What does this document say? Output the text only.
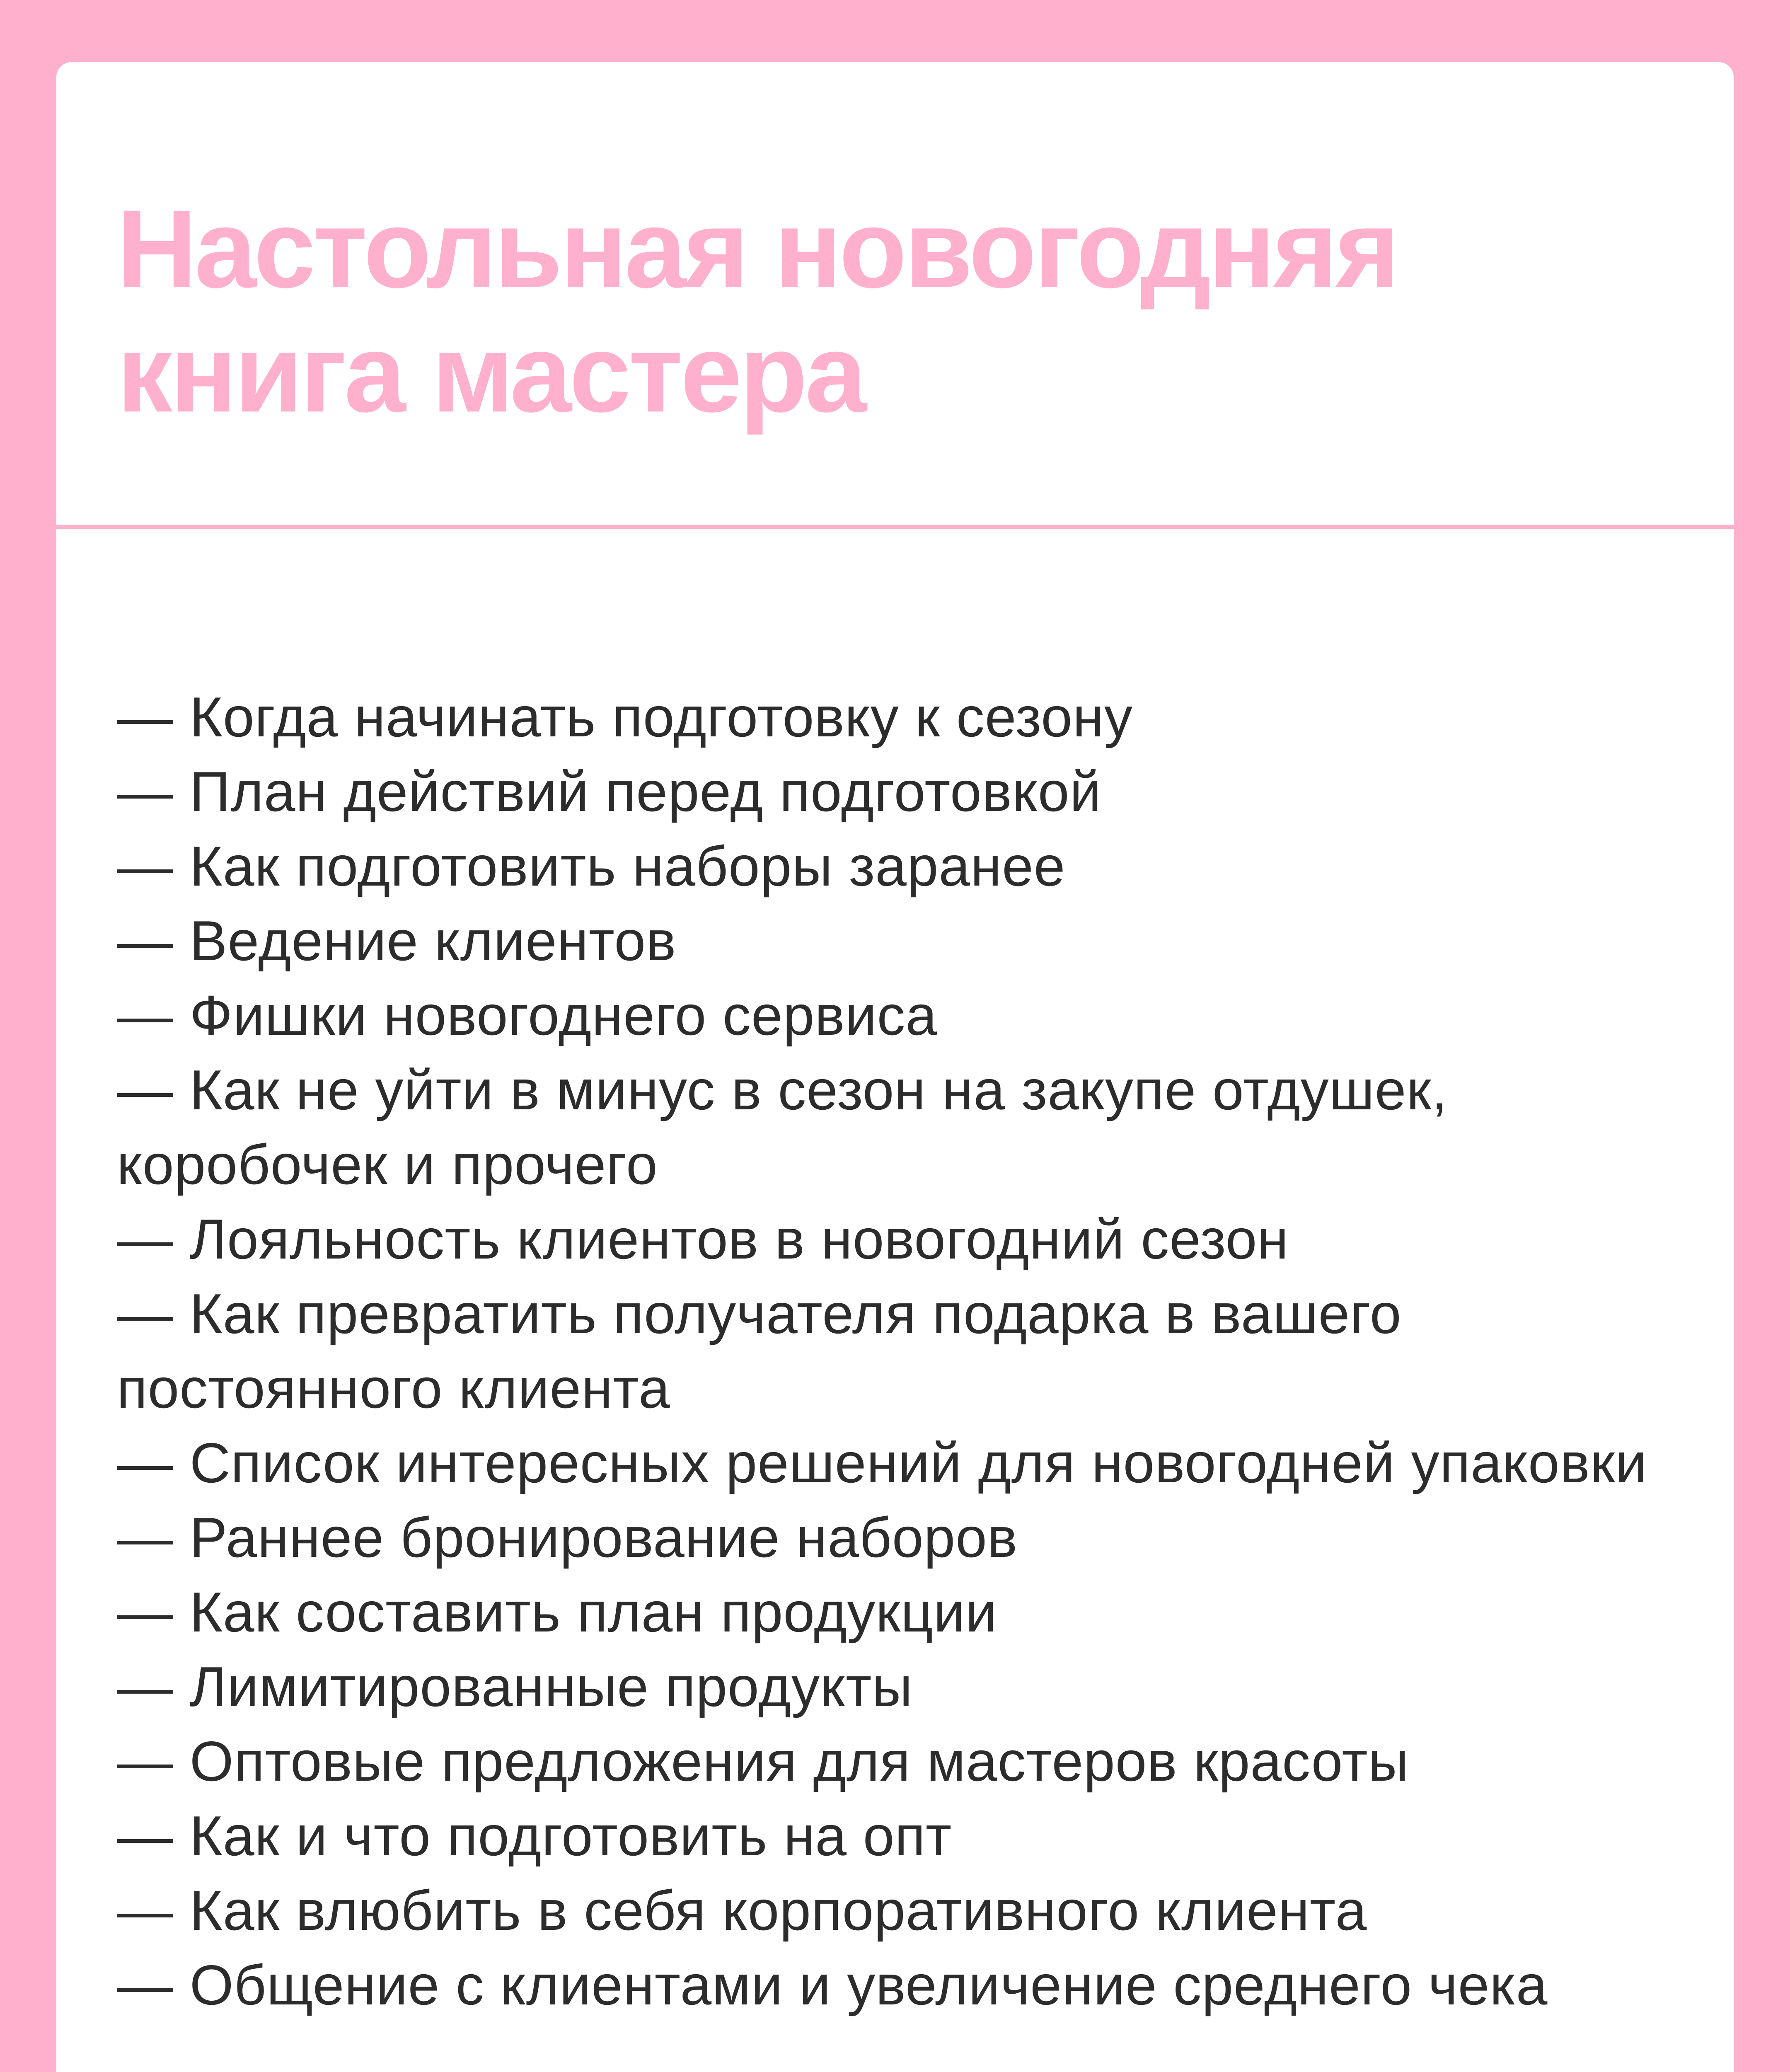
Настольная новогодняя книга мастера
— Когда начинать подготовку к сезону
— План действий перед подготовкой
— Как подготовить наборы заранее
— Ведение клиентов
— Фишки новогоднего сервиса
— Как не уйти в минус в сезон на закупе отдушек, коробочек и прочего
— Лояльность клиентов в новогодний сезон
— Как превратить получателя подарка в вашего постоянного клиента
— Список интересных решений для новогодней упаковки
— Раннее бронирование наборов
— Как составить план продукции
— Лимитированные продукты
— Оптовые предложения для мастеров красоты
— Как и что подготовить на опт
— Как влюбить в себя корпоративного клиента
— Общение с клиентами и увеличение среднего чека
